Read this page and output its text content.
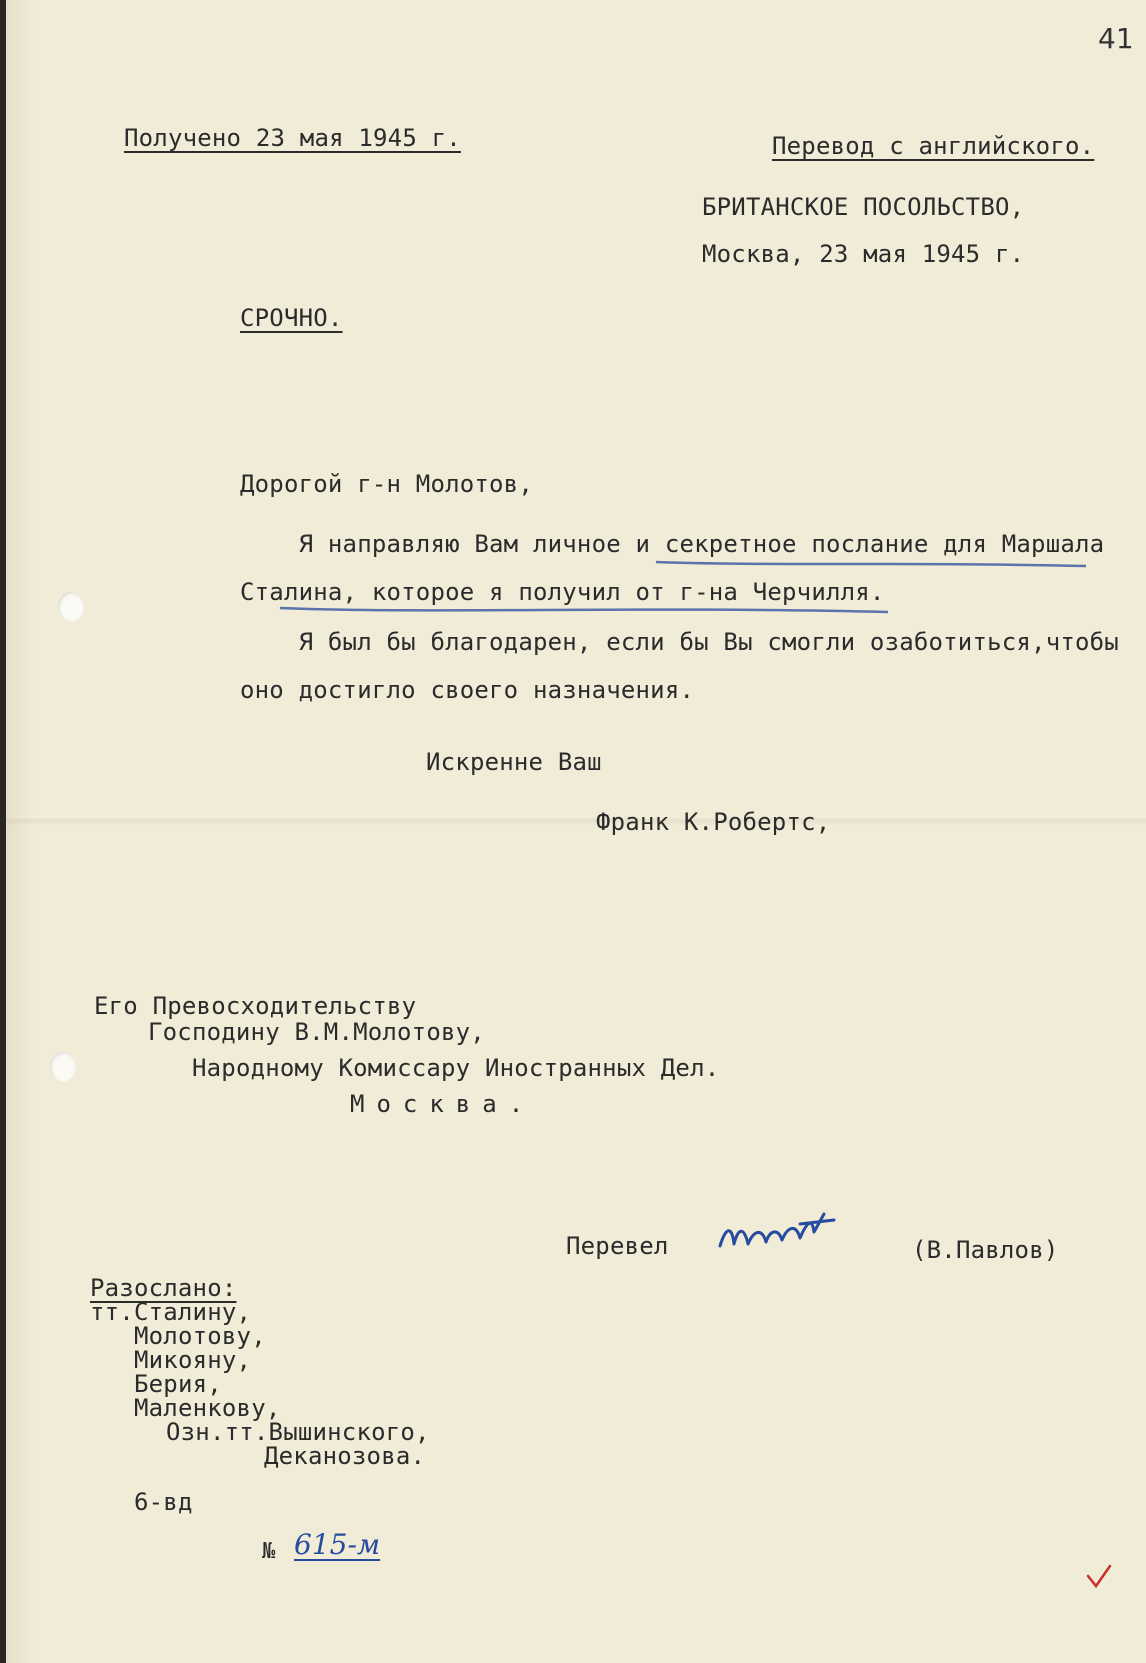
41
Получено 23 мая 1945 г.	Перевод с английского.
БРИТАНСКОЕ ПОСОЛЬСТВО,
Москва, 23 мая 1945 г.
СРОЧНО.
Дорогой г-н Молотов,
Я направляю Вам личное и секретное послание для Маршала
Сталина, которое я получил от г-на Черчилля.
Я был бы благодарен, если бы Вы смогли озаботиться,чтобы
оно достигло своего назначения.
Искренне Ваш
Франк К.Робертс,
Его Превосходительству
Господину В.М.Молотову,
Народному Комиссару Иностранных Дел.
Москва.
Перевел	(В.Павлов)
Разослано:
тт.Сталину,
Молотову,
Микояну,
Берия,
Маленкову,
Озн.тт.Вышинского,
Деканозова.
6-вд
№ 615-м
